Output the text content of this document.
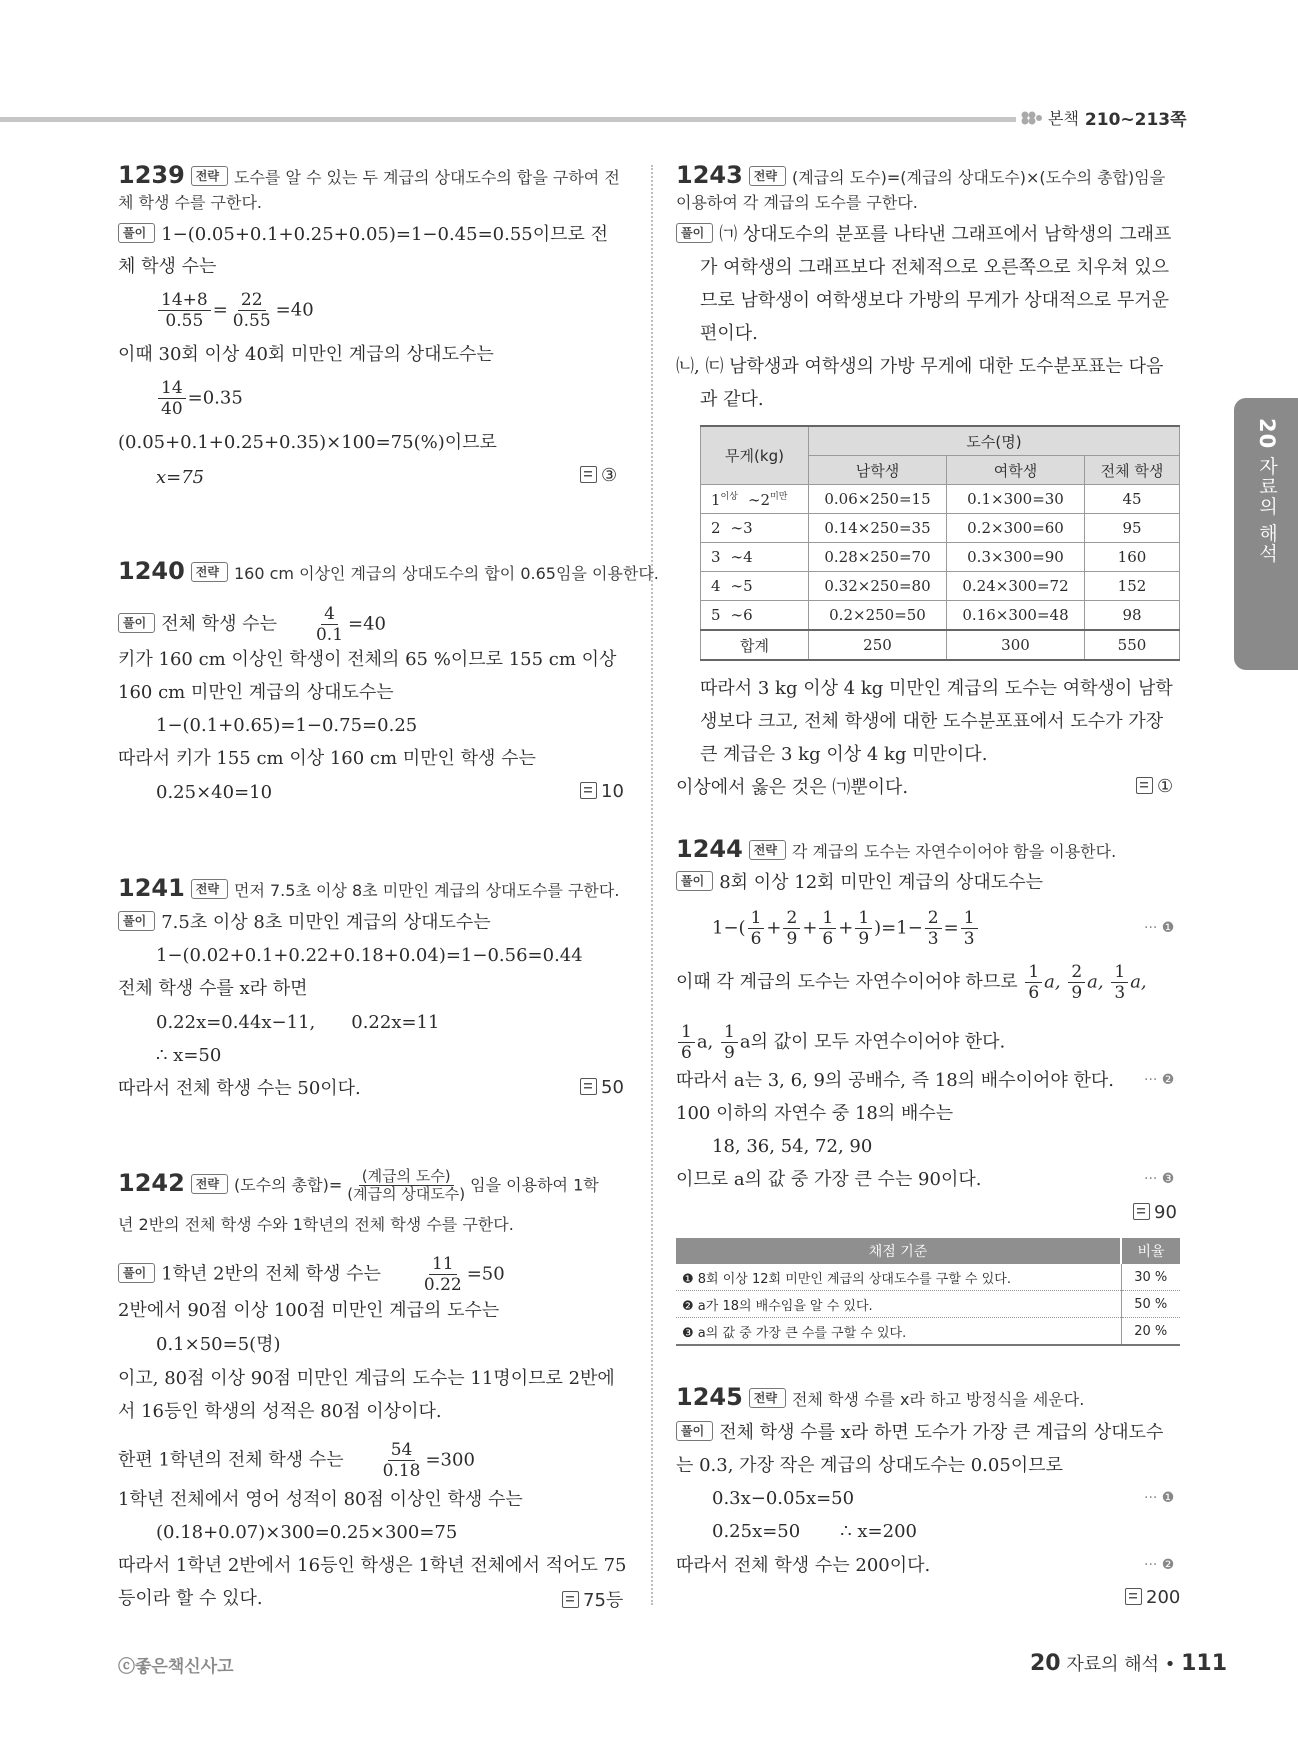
본책 210~213쪽
20 자료의 해석
1239 전략 도수를 알 수 있는 두 계급의 상대도수의 합을 구하여 전
체 학생 수를 구한다.
풀이 1−(0.05+0.1+0.25+0.05)=1−0.45=0.55이므로 전
체 학생 수는
$\frac{14+8}{0.55} = \frac{22}{0.55} =40$
이때 30회 이상 40회 미만인 계급의 상대도수는
$\frac{14}{40} =0.35$
(0.05+0.1+0.25+0.35)×100=75(%)이므로
x=75	③
1240 전략 160 cm 이상인 계급의 상대도수의 합이 0.65임을 이용한다.
풀이 전체 학생 수는 $\frac{4}{0.1} =40$
키가 160 cm 이상인 학생이 전체의 65 %이므로 155 cm 이상
160 cm 미만인 계급의 상대도수는
1−(0.1+0.65)=1−0.75=0.25
따라서 키가 155 cm 이상 160 cm 미만인 학생 수는
0.25×40=10	10
1241 전략 먼저 7.5초 이상 8초 미만인 계급의 상대도수를 구한다.
풀이 7.5초 이상 8초 미만인 계급의 상대도수는
1−(0.02+0.1+0.22+0.18+0.04)=1−0.56=0.44
전체 학생 수를 x라 하면
0.22x=0.44x−11, 0.22x=11
∴ x=50
따라서 전체 학생 수는 50이다.	50
1242 전략 (도수의 총합)= $\frac{\text{(계급의 도수)}}{\text{(계급의 상대도수)}}$ 임을 이용하여 1학
년 2반의 전체 학생 수와 1학년의 전체 학생 수를 구한다.
풀이 1학년 2반의 전체 학생 수는 $\frac{11}{0.22} =50$
2반에서 90점 이상 100점 미만인 계급의 도수는
0.1×50=5(명)
이고, 80점 이상 90점 미만인 계급의 도수는 11명이므로 2반에
서 16등인 학생의 성적은 80점 이상이다.
한편 1학년의 전체 학생 수는 $\frac{54}{0.18} =300$
1학년 전체에서 영어 성적이 80점 이상인 학생 수는
(0.18+0.07)×300=0.25×300=75
따라서 1학년 2반에서 16등인 학생은 1학년 전체에서 적어도 75
등이라 할 수 있다.	75등
1243 전략 (계급의 도수)=(계급의 상대도수)×(도수의 총합)임을
이용하여 각 계급의 도수를 구한다.
풀이 ㈀ 상대도수의 분포를 나타낸 그래프에서 남학생의 그래프
가 여학생의 그래프보다 전체적으로 오른쪽으로 치우쳐 있으
므로 남학생이 여학생보다 가방의 무게가 상대적으로 무거운
편이다.
㈁, ㈂ 남학생과 여학생의 가방 무게에 대한 도수분포표는 다음
과 같다.
무게(kg)	도수(명)		
	남학생	여학생	전체 학생
$1^{이상}$ $\sim 2^{미만}$	0.06×250=15	0.1×300=30	45
2 ∼3	0.14×250=35	0.2×300=60	95
3 ∼4	0.28×250=70	0.3×300=90	160
4 ∼5	0.32×250=80	0.24×300=72	152
5 ∼6	0.2×250=50	0.16×300=48	98
합계	250	300	550
따라서 3 kg 이상 4 kg 미만인 계급의 도수는 여학생이 남학
생보다 크고, 전체 학생에 대한 도수분포표에서 도수가 가장
큰 계급은 3 kg 이상 4 kg 미만이다.
이상에서 옳은 것은 ㈀뿐이다.	①
1244 전략 각 계급의 도수는 자연수이어야 함을 이용한다.
풀이 8회 이상 12회 미만인 계급의 상대도수는
$1-( \frac{1}{6} + \frac{2}{9} + \frac{1}{6} + \frac{1}{9} )=1- \frac{2}{3} = \frac{1}{3}$	··· ❶
이때 각 계급의 도수는 자연수이어야 하므로 $\frac{1}{6} a$, $\frac{2}{9} a$, $\frac{1}{3} a$,
$\frac{1}{6} a$, $\frac{1}{9}$ a의 값이 모두 자연수이어야 한다.
따라서 a는 3, 6, 9의 공배수, 즉 18의 배수이어야 한다. ··· ❷
100 이하의 자연수 중 18의 배수는
18, 36, 54, 72, 90
이므로 a의 값 중 가장 큰 수는 90이다.	··· ❸
90
채점 기준	비율
❶ 8회 이상 12회 미만인 계급의 상대도수를 구할 수 있다.	30 %
❷ a가 18의 배수임을 알 수 있다.	50 %
❸ a의 값 중 가장 큰 수를 구할 수 있다.	20 %
1245 전략 전체 학생 수를 x라 하고 방정식을 세운다.
풀이 전체 학생 수를 x라 하면 도수가 가장 큰 계급의 상대도수
는 0.3, 가장 작은 계급의 상대도수는 0.05이므로
0.3x−0.05x=50	··· ❶
0.25x=50 ∴ x=200
따라서 전체 학생 수는 200이다.	··· ❷
200
ⓒ좋은책신사고	20 자료의 해석 • 111
